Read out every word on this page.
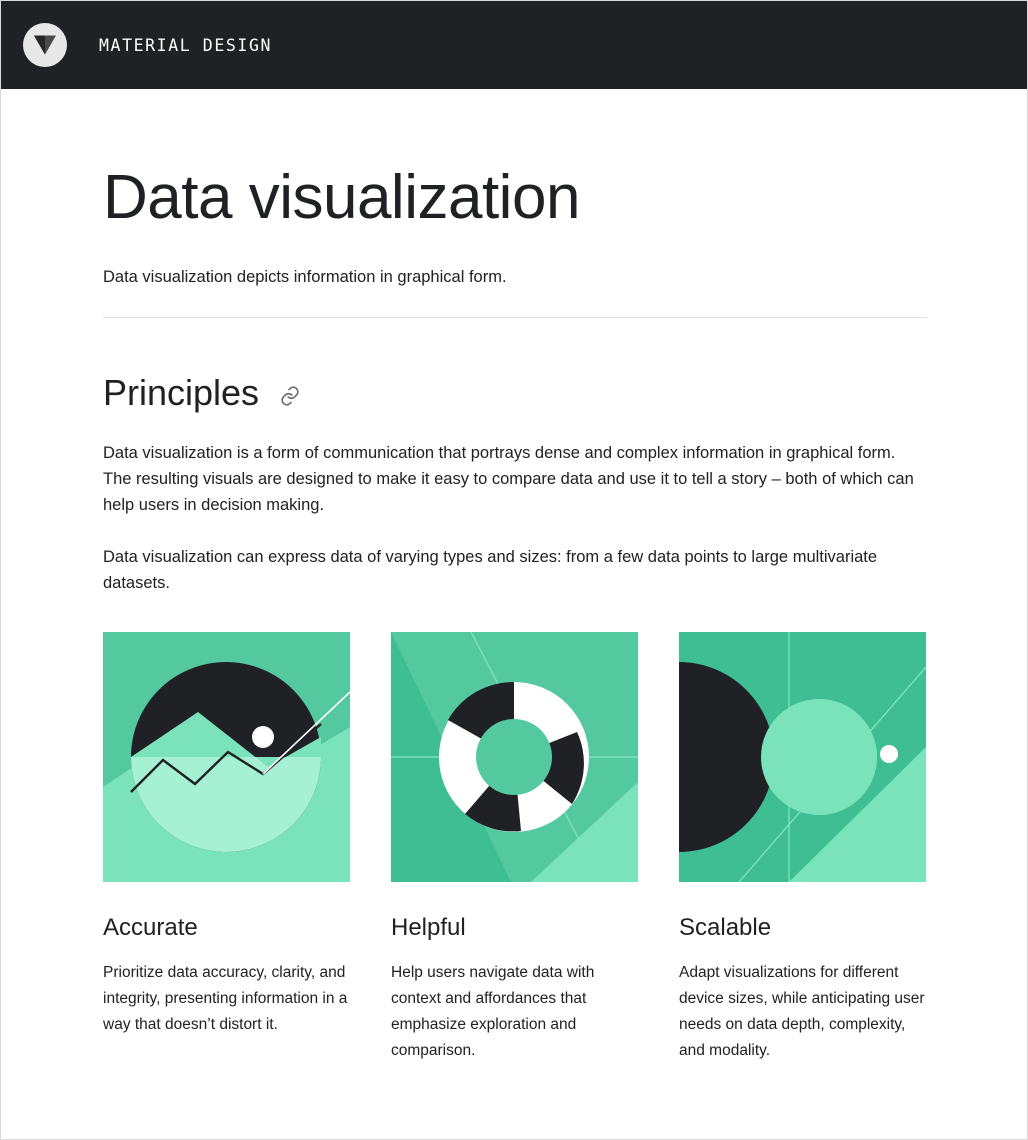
MATERIAL DESIGN
Data visualization
Data visualization depicts information in graphical form.
Principles

Data visualization is a form of communication that portrays dense and complex information in graphical form. The resulting visuals are designed to make it easy to compare data and use it to tell a story – both of which can help users in decision making.

Data visualization can express data of varying types and sizes: from a few data points to large multivariate datasets.

Accurate

Prioritize data accuracy, clarity, and integrity, presenting information in a way that doesn’t distort it.

Helpful

Help users navigate data with context and affordances that emphasize exploration and comparison.

Scalable

Adapt visualizations for different device sizes, while anticipating user needs on data depth, complexity, and modality.
